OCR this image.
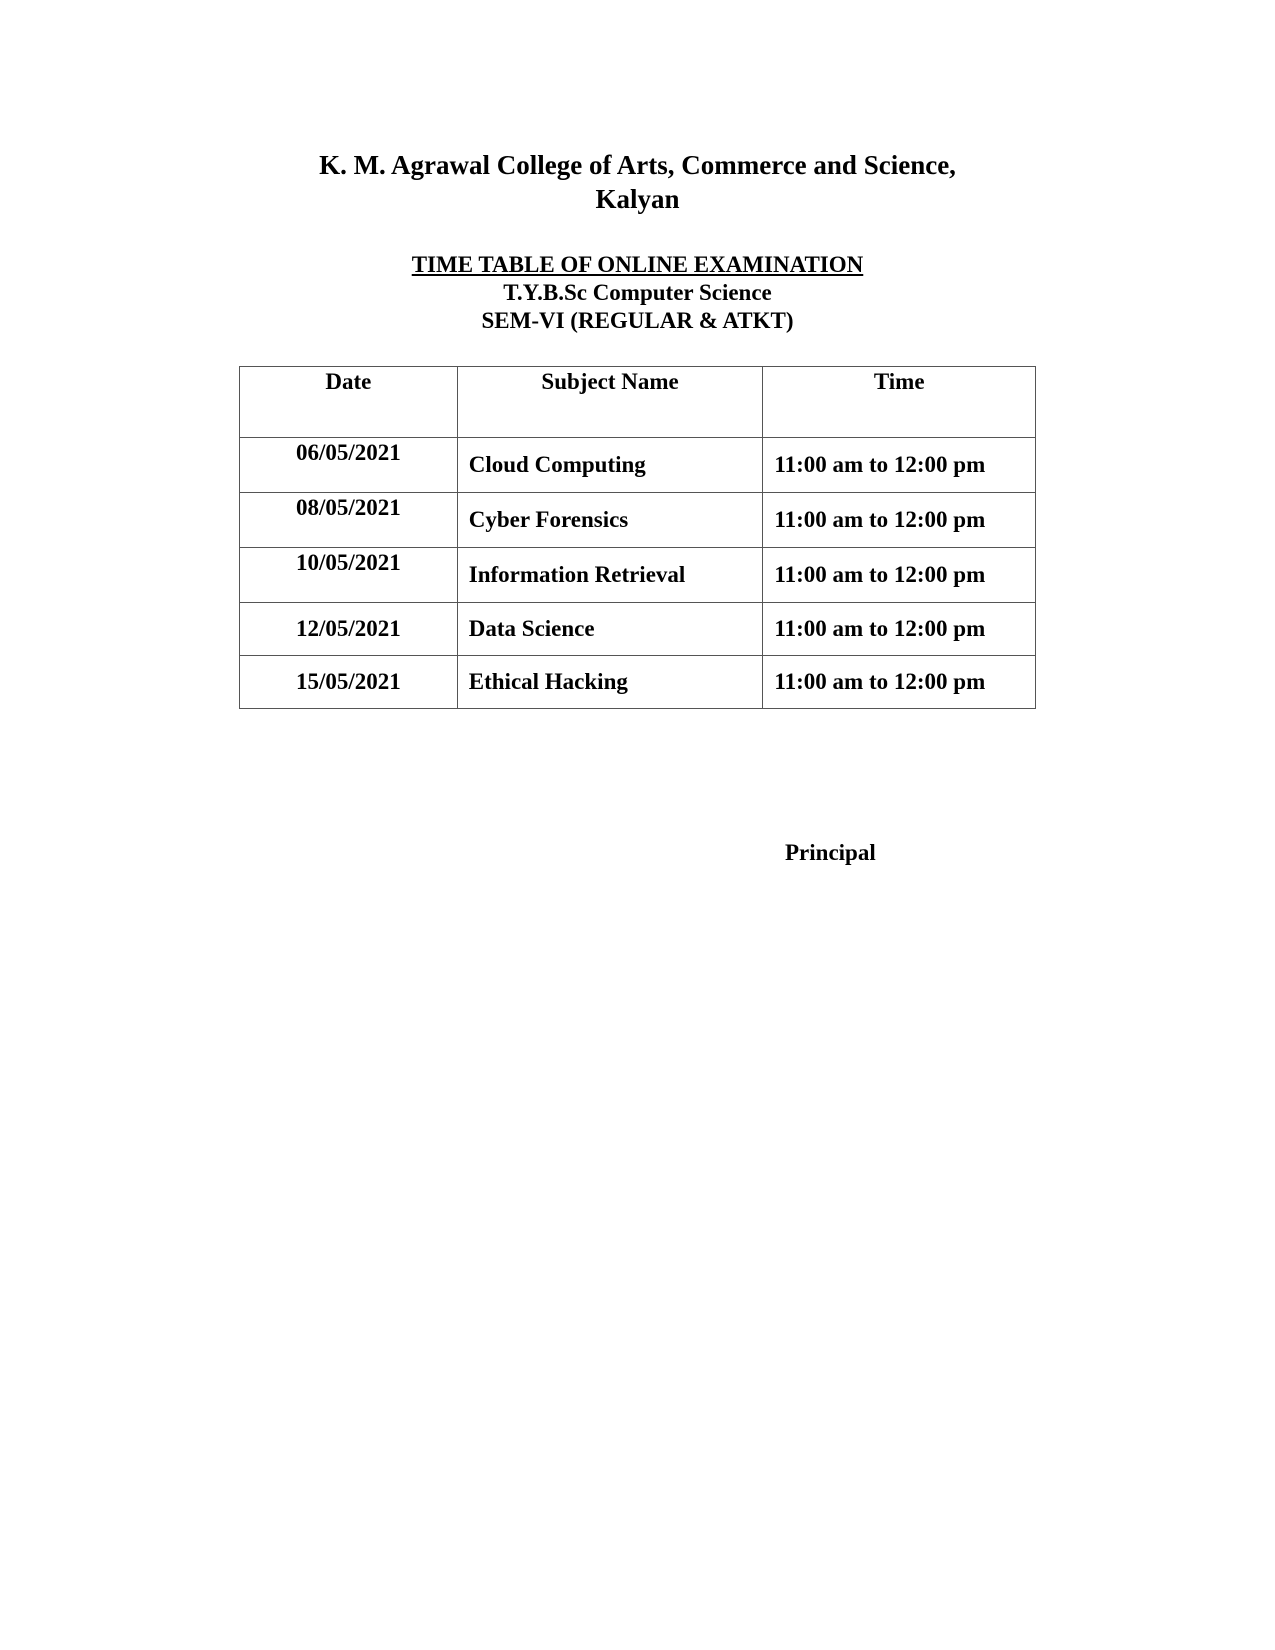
K. M. Agrawal College of Arts, Commerce and Science,
Kalyan
TIME TABLE OF ONLINE EXAMINATION
T.Y.B.Sc Computer Science
SEM-VI (REGULAR & ATKT)
Date	Subject Name	Time
06/05/2021	Cloud Computing	11:00 am to 12:00 pm
08/05/2021	Cyber Forensics	11:00 am to 12:00 pm
10/05/2021	Information Retrieval	11:00 am to 12:00 pm
12/05/2021	Data Science	11:00 am to 12:00 pm
15/05/2021	Ethical Hacking	11:00 am to 12:00 pm
Principal
